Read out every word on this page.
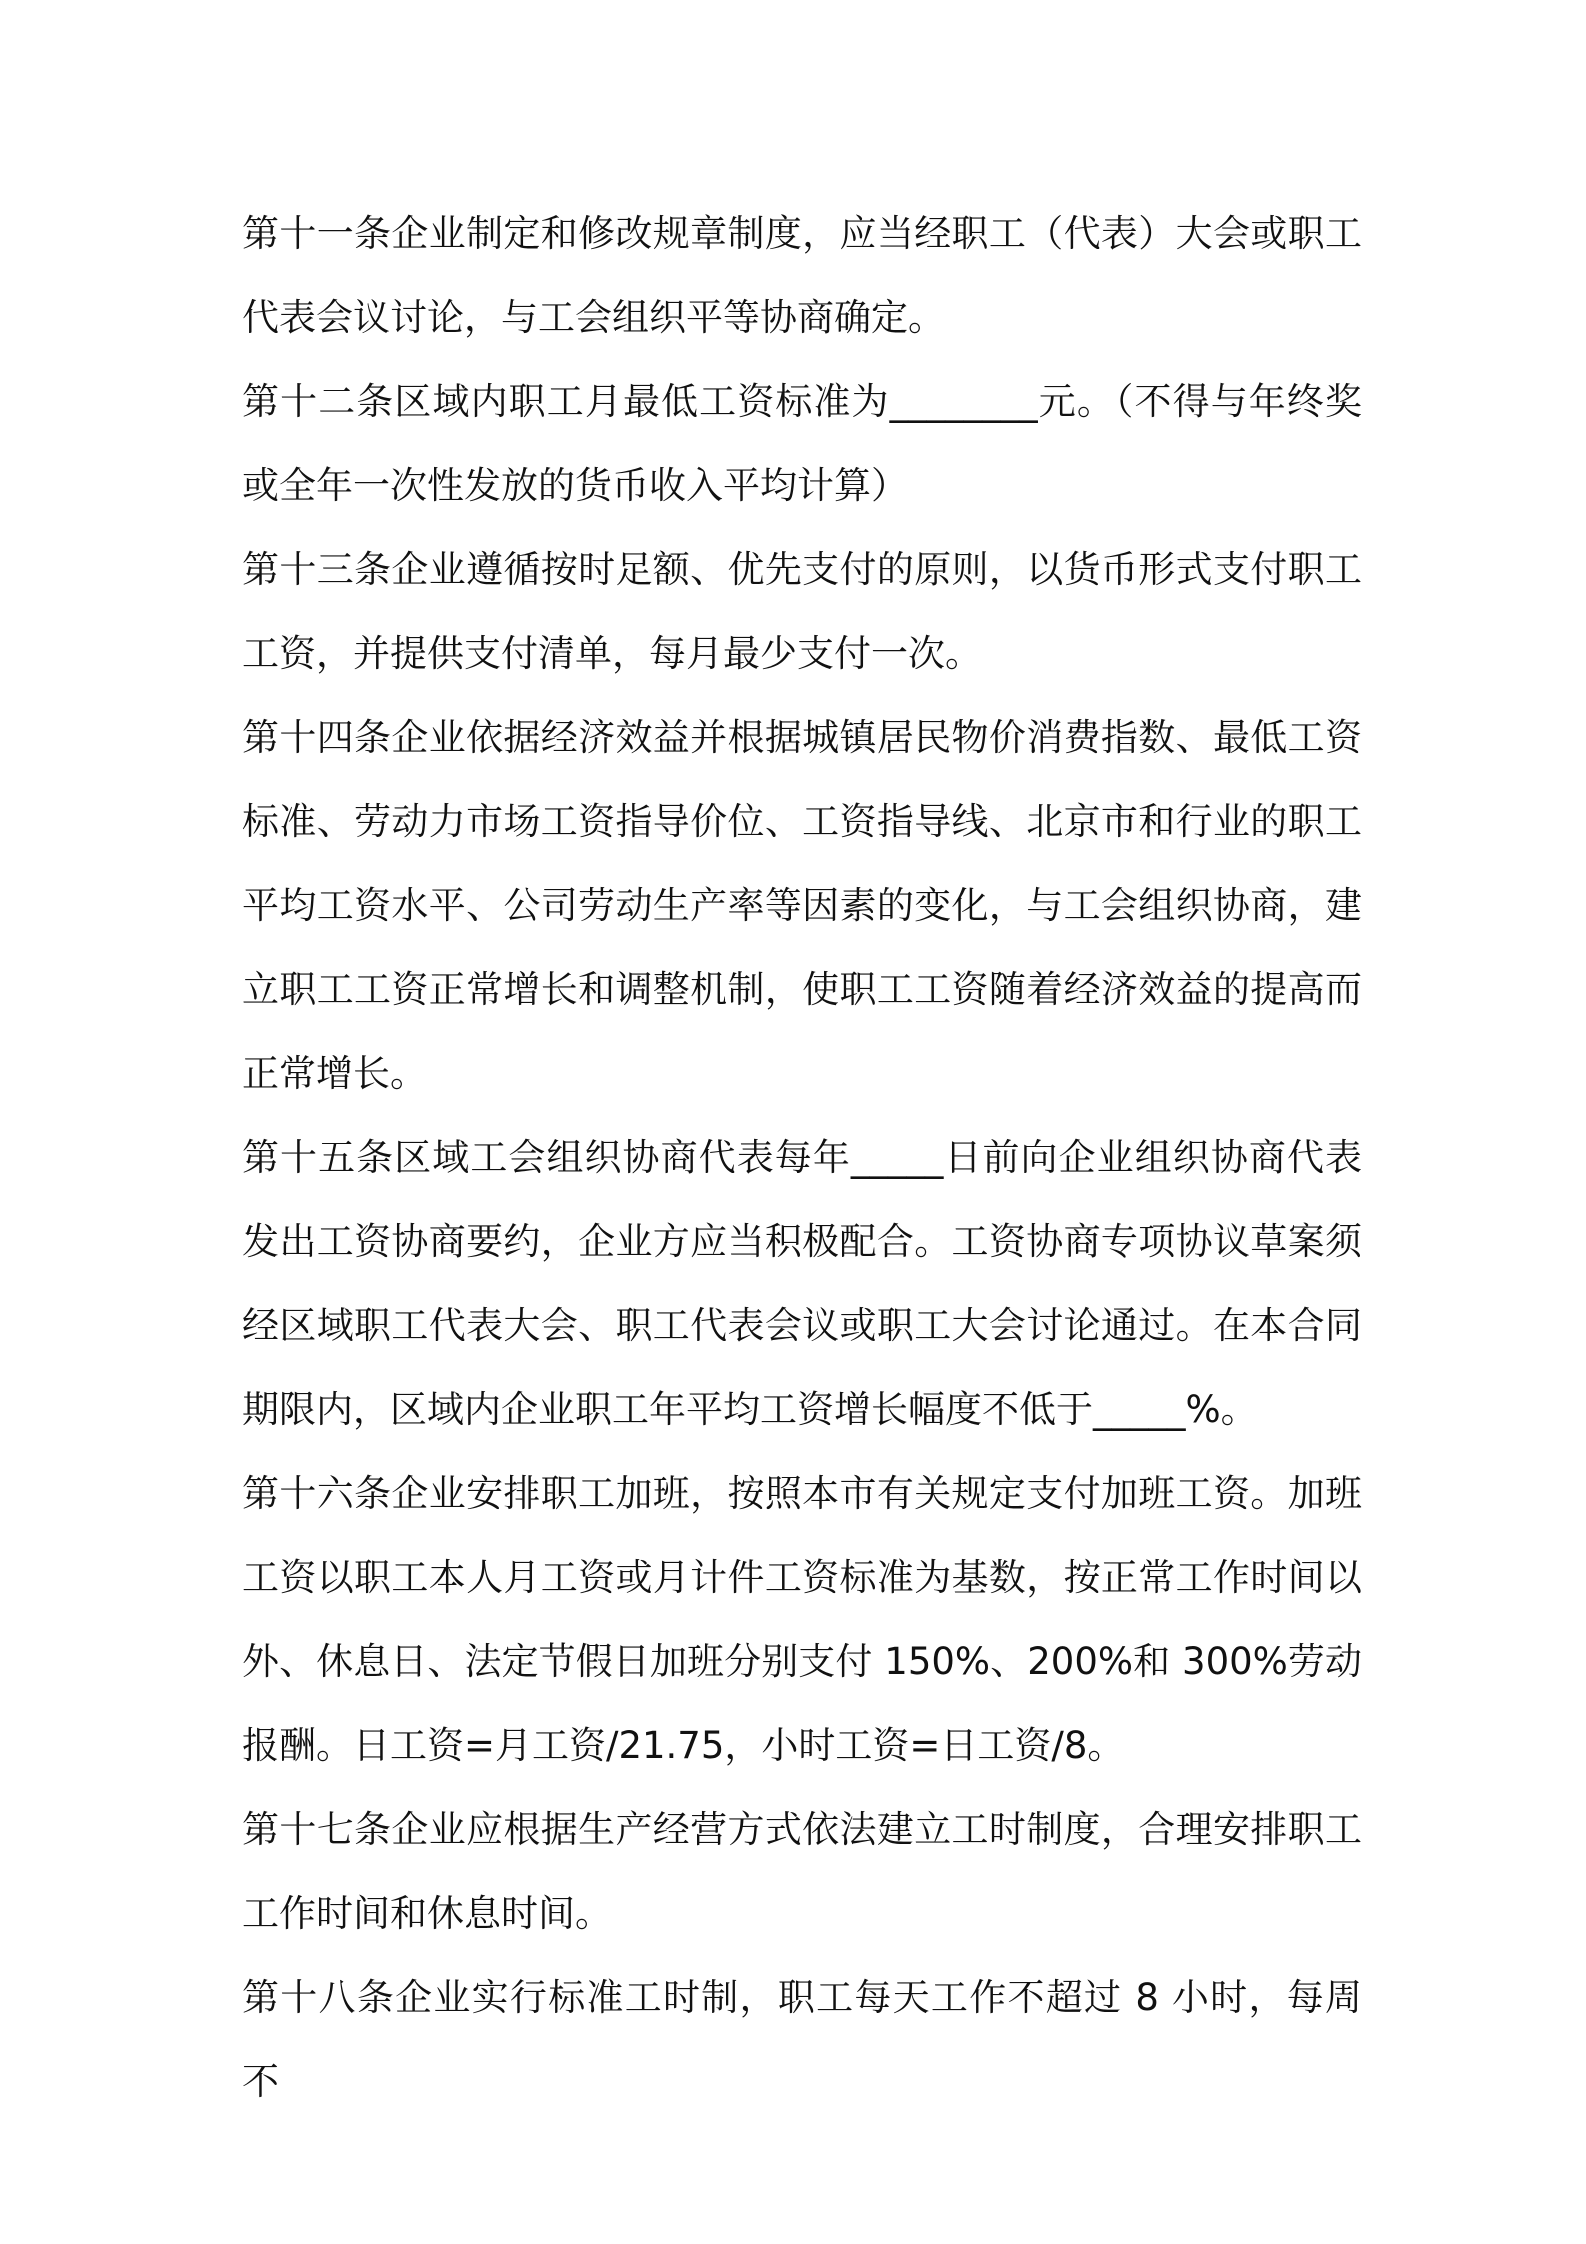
第十一条企业制定和修改规章制度，应当经职工（代表）大会或职工代表会议讨论，与工会组织平等协商确定。

第十二条区域内职工月最低工资标准为________元。（不得与年终奖或全年一次性发放的货币收入平均计算）

第十三条企业遵循按时足额、优先支付的原则，以货币形式支付职工工资，并提供支付清单，每月最少支付一次。

第十四条企业依据经济效益并根据城镇居民物价消费指数、最低工资标准、劳动力市场工资指导价位、工资指导线、北京市和行业的职工平均工资水平、公司劳动生产率等因素的变化，与工会组织协商，建立职工工资正常增长和调整机制，使职工工资随着经济效益的提高而正常增长。

第十五条区域工会组织协商代表每年_____日前向企业组织协商代表发出工资协商要约，企业方应当积极配合。工资协商专项协议草案须经区域职工代表大会、职工代表会议或职工大会讨论通过。在本合同期限内，区域内企业职工年平均工资增长幅度不低于_____%。

第十六条企业安排职工加班，按照本市有关规定支付加班工资。加班工资以职工本人月工资或月计件工资标准为基数，按正常工作时间以外、休息日、法定节假日加班分别支付 150%、200%和 300%劳动报酬。日工资=月工资/21.75，小时工资=日工资/8。

第十七条企业应根据生产经营方式依法建立工时制度，合理安排职工工作时间和休息时间。

第十八条企业实行标准工时制，职工每天工作不超过 8 小时，每周不
